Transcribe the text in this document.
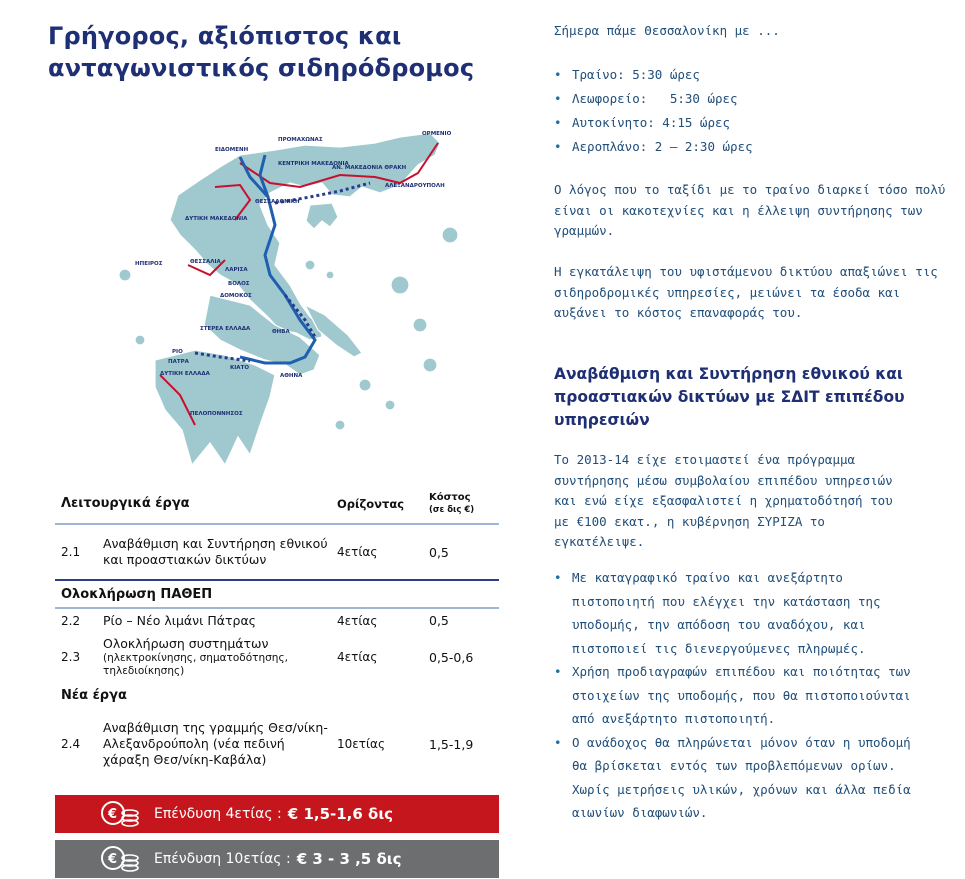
Γρήγορος, αξιόπιστος και
ανταγωνιστικός σιδηρόδρομος
ΟΡΜΕΝΙΟ
ΕΙΔΟΜΕΝΗ
ΠΡΟΜΑΧΩΝΑΣ
ΚΕΝΤΡΙΚΗ ΜΑΚΕΔΟΝΙΑ
ΑΝ. ΜΑΚΕΔΟΝΙΑ ΘΡΑΚΗ
ΑΛΕΞΑΝΔΡΟΥΠΟΛΗ
ΘΕΣΣΑΛΟΝΙΚΗ
ΔΥΤΙΚΗ ΜΑΚΕΔΟΝΙΑ
ΗΠΕΙΡΟΣ	ΘΕΣΣΑΛΙΑ
ΛΑΡΙΣΑ
ΒΟΛΟΣ
ΔΟΜΟΚΟΣ
ΘΗΒΑ
ΣΤΕΡΕΑ ΕΛΛΑΔΑ
ΡΙΟ
ΠΑΤΡΑ
ΔΥΤΙΚΗ ΕΛΛΑΔΑ
ΚΙΑΤΟ
ΑΘΗΝΑ
ΠΕΛΟΠΟΝΝΗΣΟΣ
Λειτουργικά έργα		Ορίζοντας	Κόστος
(σε δις €)

2.1	Αναβάθμιση και Συντήρηση εθνικού και προαστιακών δικτύων	4ετίας	0,5
Ολοκλήρωση ΠΑΘΕΠ			
2.2	Ρίο – Νέο λιμάνι Πάτρας	4ετίας	0,5
2.3	Ολοκλήρωση συστημάτων
(ηλεκτροκίνησης, σηματοδότησης, τηλεδιοίκησης)	4ετίας	0,5-0,6
Νέα έργα			
2.4	Αναβάθμιση της γραμμής Θεσ/νίκη-Αλεξανδρούπολη (νέα πεδινή χάραξη Θεσ/νίκη-Καβάλα)	10ετίας	1,5-1,9
€	Επένδυση 4ετίας : € 1,5-1,6 δις
€	Επένδυση 10ετίας : € 3 - 3 ,5 δις

Σήμερα πάμε Θεσσαλονίκη με ...

• Τραίνο: 5:30 ώρες
• Λεωφορείο:   5:30 ώρες
• Αυτοκίνητο: 4:15 ώρες
• Αεροπλάνο: 2 – 2:30 ώρες

Ο λόγος που το ταξίδι με το τραίνο διαρκεί τόσο πολύ είναι οι κακοτεχνίες και η έλλειψη συντήρησης των γραμμών.

Η εγκατάλειψη του υφιστάμενου δικτύου απαξιώνει τις σιδηροδρομικές υπηρεσίες, μειώνει τα έσοδα και αυξάνει το κόστος επαναφοράς του.

Αναβάθμιση και Συντήρηση εθνικού και προαστιακών δικτύων με ΣΔΙΤ επιπέδου υπηρεσιών

Το 2013-14 είχε ετοιμαστεί ένα πρόγραμμα συντήρησης μέσω συμβολαίου επιπέδου υπηρεσιών και ενώ είχε εξασφαλιστεί η χρηματοδότησή του με €100 εκατ., η κυβέρνηση ΣΥΡΙΖΑ το εγκατέλειψε.

• Με καταγραφικό τραίνο και ανεξάρτητο πιστοποιητή που ελέγχει την κατάσταση της υποδομής, την απόδοση του αναδόχου, και πιστοποιεί τις διενεργούμενες πληρωμές.
• Χρήση προδιαγραφών επιπέδου και ποιότητας των στοιχείων της υποδομής, που θα πιστοποιούνται από ανεξάρτητο πιστοποιητή.
• Ο ανάδοχος θα πληρώνεται μόνον όταν η υποδομή θα βρίσκεται εντός των προβλεπόμενων ορίων. Χωρίς μετρήσεις υλικών, χρόνων και άλλα πεδία αιωνίων διαφωνιών.
